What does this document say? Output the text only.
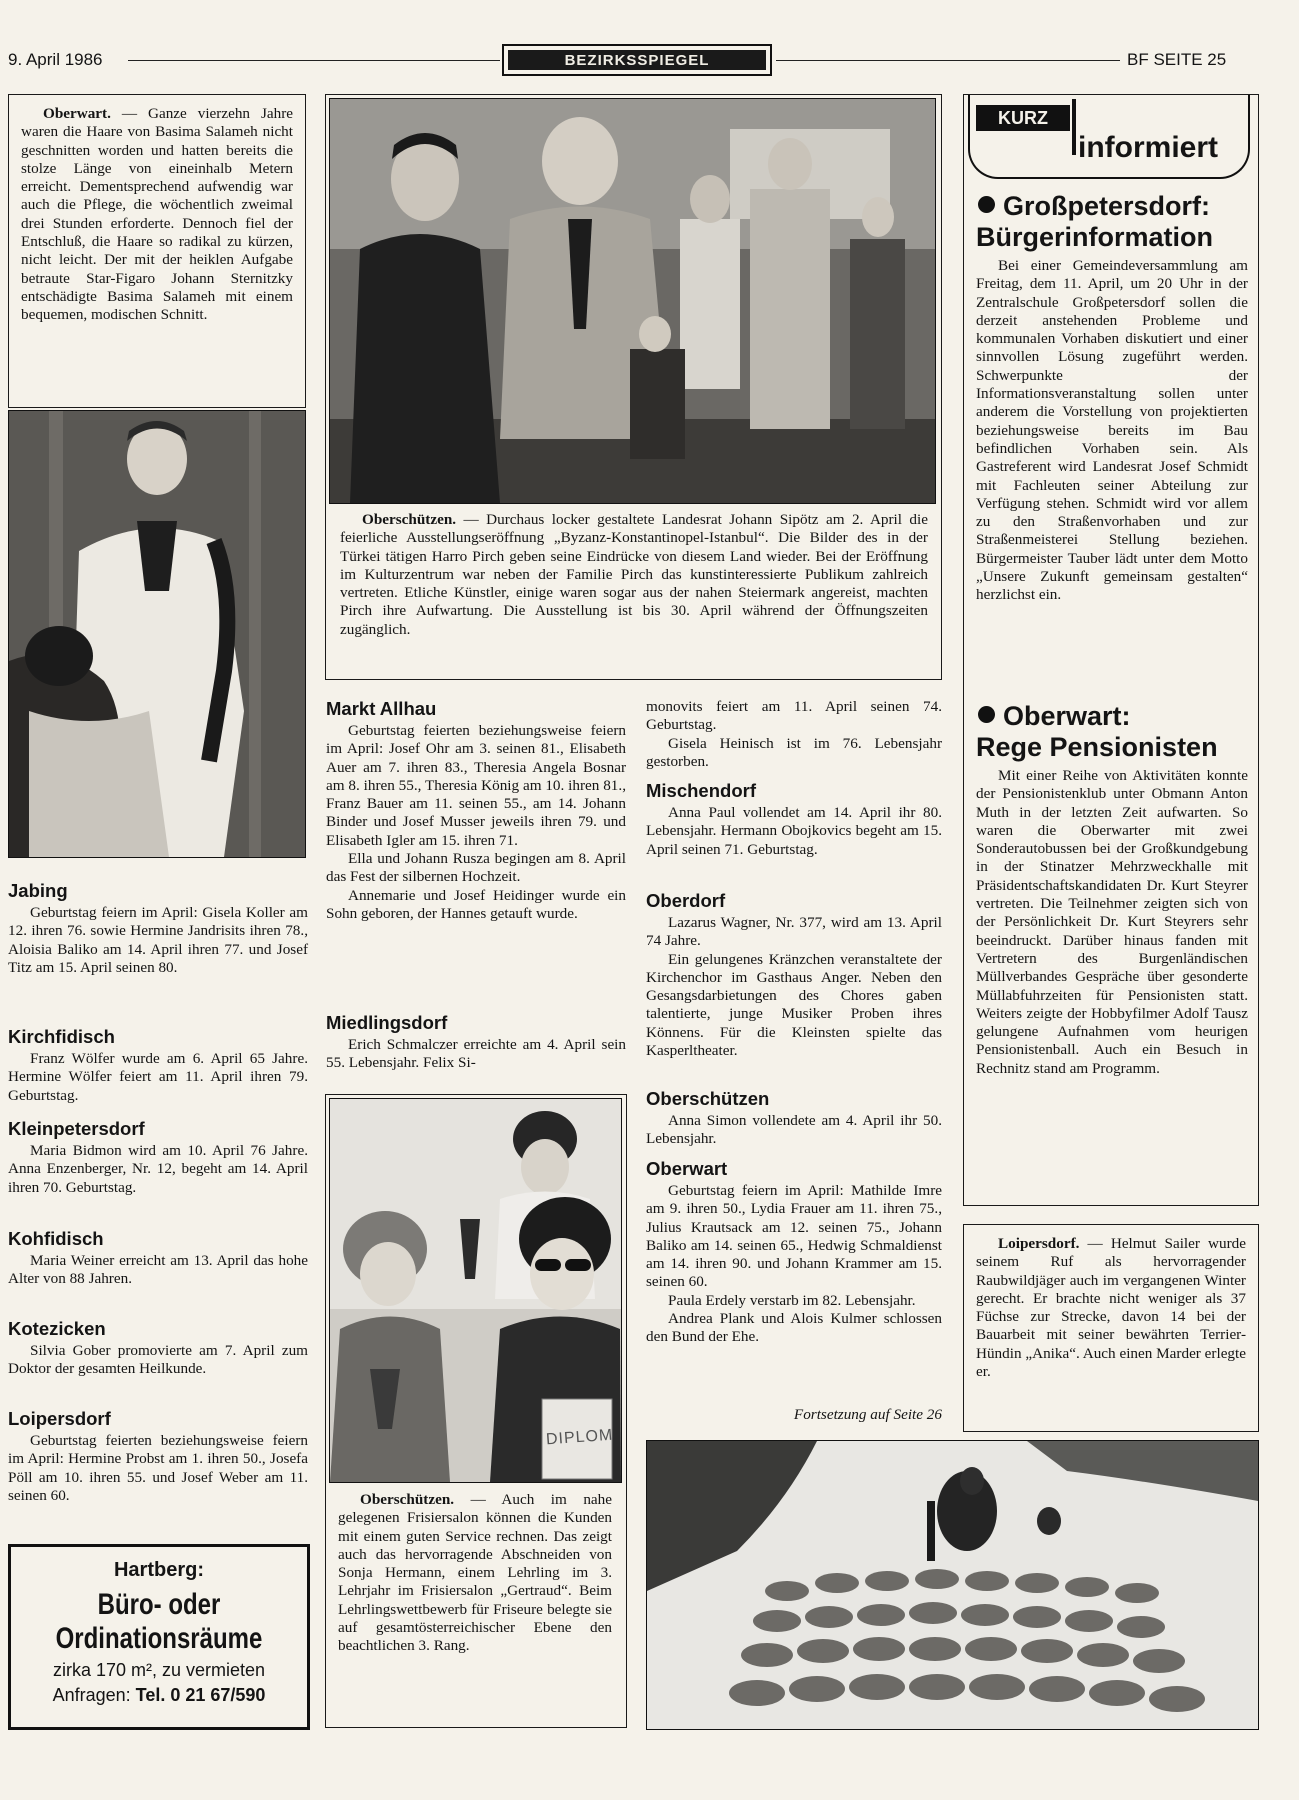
9. April 1986	BEZIRKSSPIEGEL	BF SEITE 25

Oberwart. — Ganze vierzehn Jahre waren die Haare von Basima Salameh nicht geschnitten worden und hatten bereits die stolze Länge von eineinhalb Metern erreicht. Dementsprechend aufwendig war auch die Pflege, die wöchentlich zweimal drei Stunden erforderte. Dennoch fiel der Entschluß, die Haare so radikal zu kürzen, nicht leicht. Der mit der heiklen Aufgabe betraute Star-Figaro Johann Sternitzky entschädigte Basima Salameh mit einem bequemen, modischen Schnitt.

Oberschützen. — Durchaus locker gestaltete Landesrat Johann Sipötz am 2. April die feierliche Ausstellungseröffnung „Byzanz-Konstantinopel-Istanbul“. Die Bilder des in der Türkei tätigen Harro Pirch geben seine Eindrücke von diesem Land wieder. Bei der Eröffnung im Kulturzentrum war neben der Familie Pirch das kunstinteressierte Publikum zahlreich vertreten. Etliche Künstler, einige waren sogar aus der nahen Steiermark angereist, machten Pirch ihre Aufwartung. Die Ausstellung ist bis 30. April während der Öffnungszeiten zugänglich.

KURZ
informiert
Großpetersdorf:
Bürgerinformation

Bei einer Gemeindeversammlung am Freitag, dem 11. April, um 20 Uhr in der Zentralschule Großpetersdorf sollen die derzeit anstehenden Probleme und kommunalen Vorhaben diskutiert und einer sinnvollen Lösung zugeführt werden. Schwerpunkte der Informationsveranstaltung sollen unter anderem die Vorstellung von projektierten beziehungsweise bereits im Bau befindlichen Vorhaben sein. Als Gastreferent wird Landesrat Josef Schmidt mit Fachleuten seiner Abteilung zur Verfügung stehen. Schmidt wird vor allem zu den Straßenvorhaben und zur Straßenmeisterei Stellung beziehen. Bürgermeister Tauber lädt unter dem Motto „Unsere Zukunft gemeinsam gestalten“ herzlichst ein.

Oberwart:
Rege Pensionisten

Mit einer Reihe von Aktivitäten konnte der Pensionistenklub unter Obmann Anton Muth in der letzten Zeit aufwarten. So waren die Oberwarter mit zwei Sonderautobussen bei der Großkundgebung in der Stinatzer Mehrzweckhalle mit Präsidentschaftskandidaten Dr. Kurt Steyrer vertreten. Die Teilnehmer zeigten sich von der Persönlichkeit Dr. Kurt Steyrers sehr beeindruckt. Darüber hinaus fanden mit Vertretern des Burgenländischen Müllverbandes Gespräche über gesonderte Müllabfuhrzeiten für Pensionisten statt. Weiters zeigte der Hobbyfilmer Adolf Tausz gelungene Aufnahmen vom heurigen Pensionistenball. Auch ein Besuch in Rechnitz stand am Programm.

Jabing

Geburtstag feiern im April: Gisela Koller am 12. ihren 76. sowie Hermine Jandrisits ihren 78., Aloisia Baliko am 14. April ihren 77. und Josef Titz am 15. April seinen 80.

Kirchfidisch

Franz Wölfer wurde am 6. April 65 Jahre. Hermine Wölfer feiert am 11. April ihren 79. Geburtstag.

Kleinpetersdorf

Maria Bidmon wird am 10. April 76 Jahre. Anna Enzenberger, Nr. 12, begeht am 14. April ihren 70. Geburtstag.

Kohfidisch

Maria Weiner erreicht am 13. April das hohe Alter von 88 Jahren.

Kotezicken

Silvia Gober promovierte am 7. April zum Doktor der gesamten Heilkunde.

Loipersdorf

Geburtstag feierten beziehungsweise feiern im April: Hermine Probst am 1. ihren 50., Josefa Pöll am 10. ihren 55. und Josef Weber am 11. seinen 60.

Hartberg:
Büro- oder
Ordinationsräume
zirka 170 m², zu vermieten
Anfragen: Tel. 0 21 67/590
Markt Allhau

Geburtstag feierten beziehungsweise feiern im April: Josef Ohr am 3. seinen 81., Elisabeth Auer am 7. ihren 83., Theresia Angela Bosnar am 8. ihren 55., Theresia König am 10. ihren 81., Franz Bauer am 11. seinen 55., am 14. Johann Binder und Josef Musser jeweils ihren 79. und Elisabeth Igler am 15. ihren 71.

Ella und Johann Rusza begingen am 8. April das Fest der silbernen Hochzeit.

Annemarie und Josef Heidinger wurde ein Sohn geboren, der Hannes getauft wurde.

Miedlingsdorf

Erich Schmalczer erreichte am 4. April sein 55. Lebensjahr. Felix Si-

DIPLOM

Oberschützen. — Auch im nahe gelegenen Frisiersalon können die Kunden mit einem guten Service rechnen. Das zeigt auch das hervorragende Abschneiden von Sonja Hermann, einem Lehrling im 3. Lehrjahr im Frisiersalon „Gertraud“. Beim Lehrlingswettbewerb für Friseure belegte sie auf gesamtösterreichischer Ebene den beachtlichen 3. Rang.

monovits feiert am 11. April seinen 74. Geburtstag.

Gisela Heinisch ist im 76. Lebensjahr gestorben.

Mischendorf

Anna Paul vollendet am 14. April ihr 80. Lebensjahr. Hermann Obojkovics begeht am 15. April seinen 71. Geburtstag.

Oberdorf

Lazarus Wagner, Nr. 377, wird am 13. April 74 Jahre.

Ein gelungenes Kränzchen veranstaltete der Kirchenchor im Gasthaus Anger. Neben den Gesangsdarbietungen des Chores gaben talentierte, junge Musiker Proben ihres Könnens. Für die Kleinsten spielte das Kasperltheater.

Oberschützen

Anna Simon vollendete am 4. April ihr 50. Lebensjahr.

Oberwart

Geburtstag feiern im April: Mathilde Imre am 9. ihren 50., Lydia Frauer am 11. ihren 75., Julius Krautsack am 12. seinen 75., Johann Baliko am 14. seinen 65., Hedwig Schmaldienst am 14. ihren 90. und Johann Krammer am 15. seinen 60.

Paula Erdely verstarb im 82. Lebensjahr.

Andrea Plank und Alois Kulmer schlossen den Bund der Ehe.

Fortsetzung auf Seite 26

Loipersdorf. — Helmut Sailer wurde seinem Ruf als hervorragender Raubwildjäger auch im vergangenen Winter gerecht. Er brachte nicht weniger als 37 Füchse zur Strecke, davon 14 bei der Bauarbeit mit seiner bewährten Terrier-Hündin „Anika“. Auch einen Marder erlegte er.
